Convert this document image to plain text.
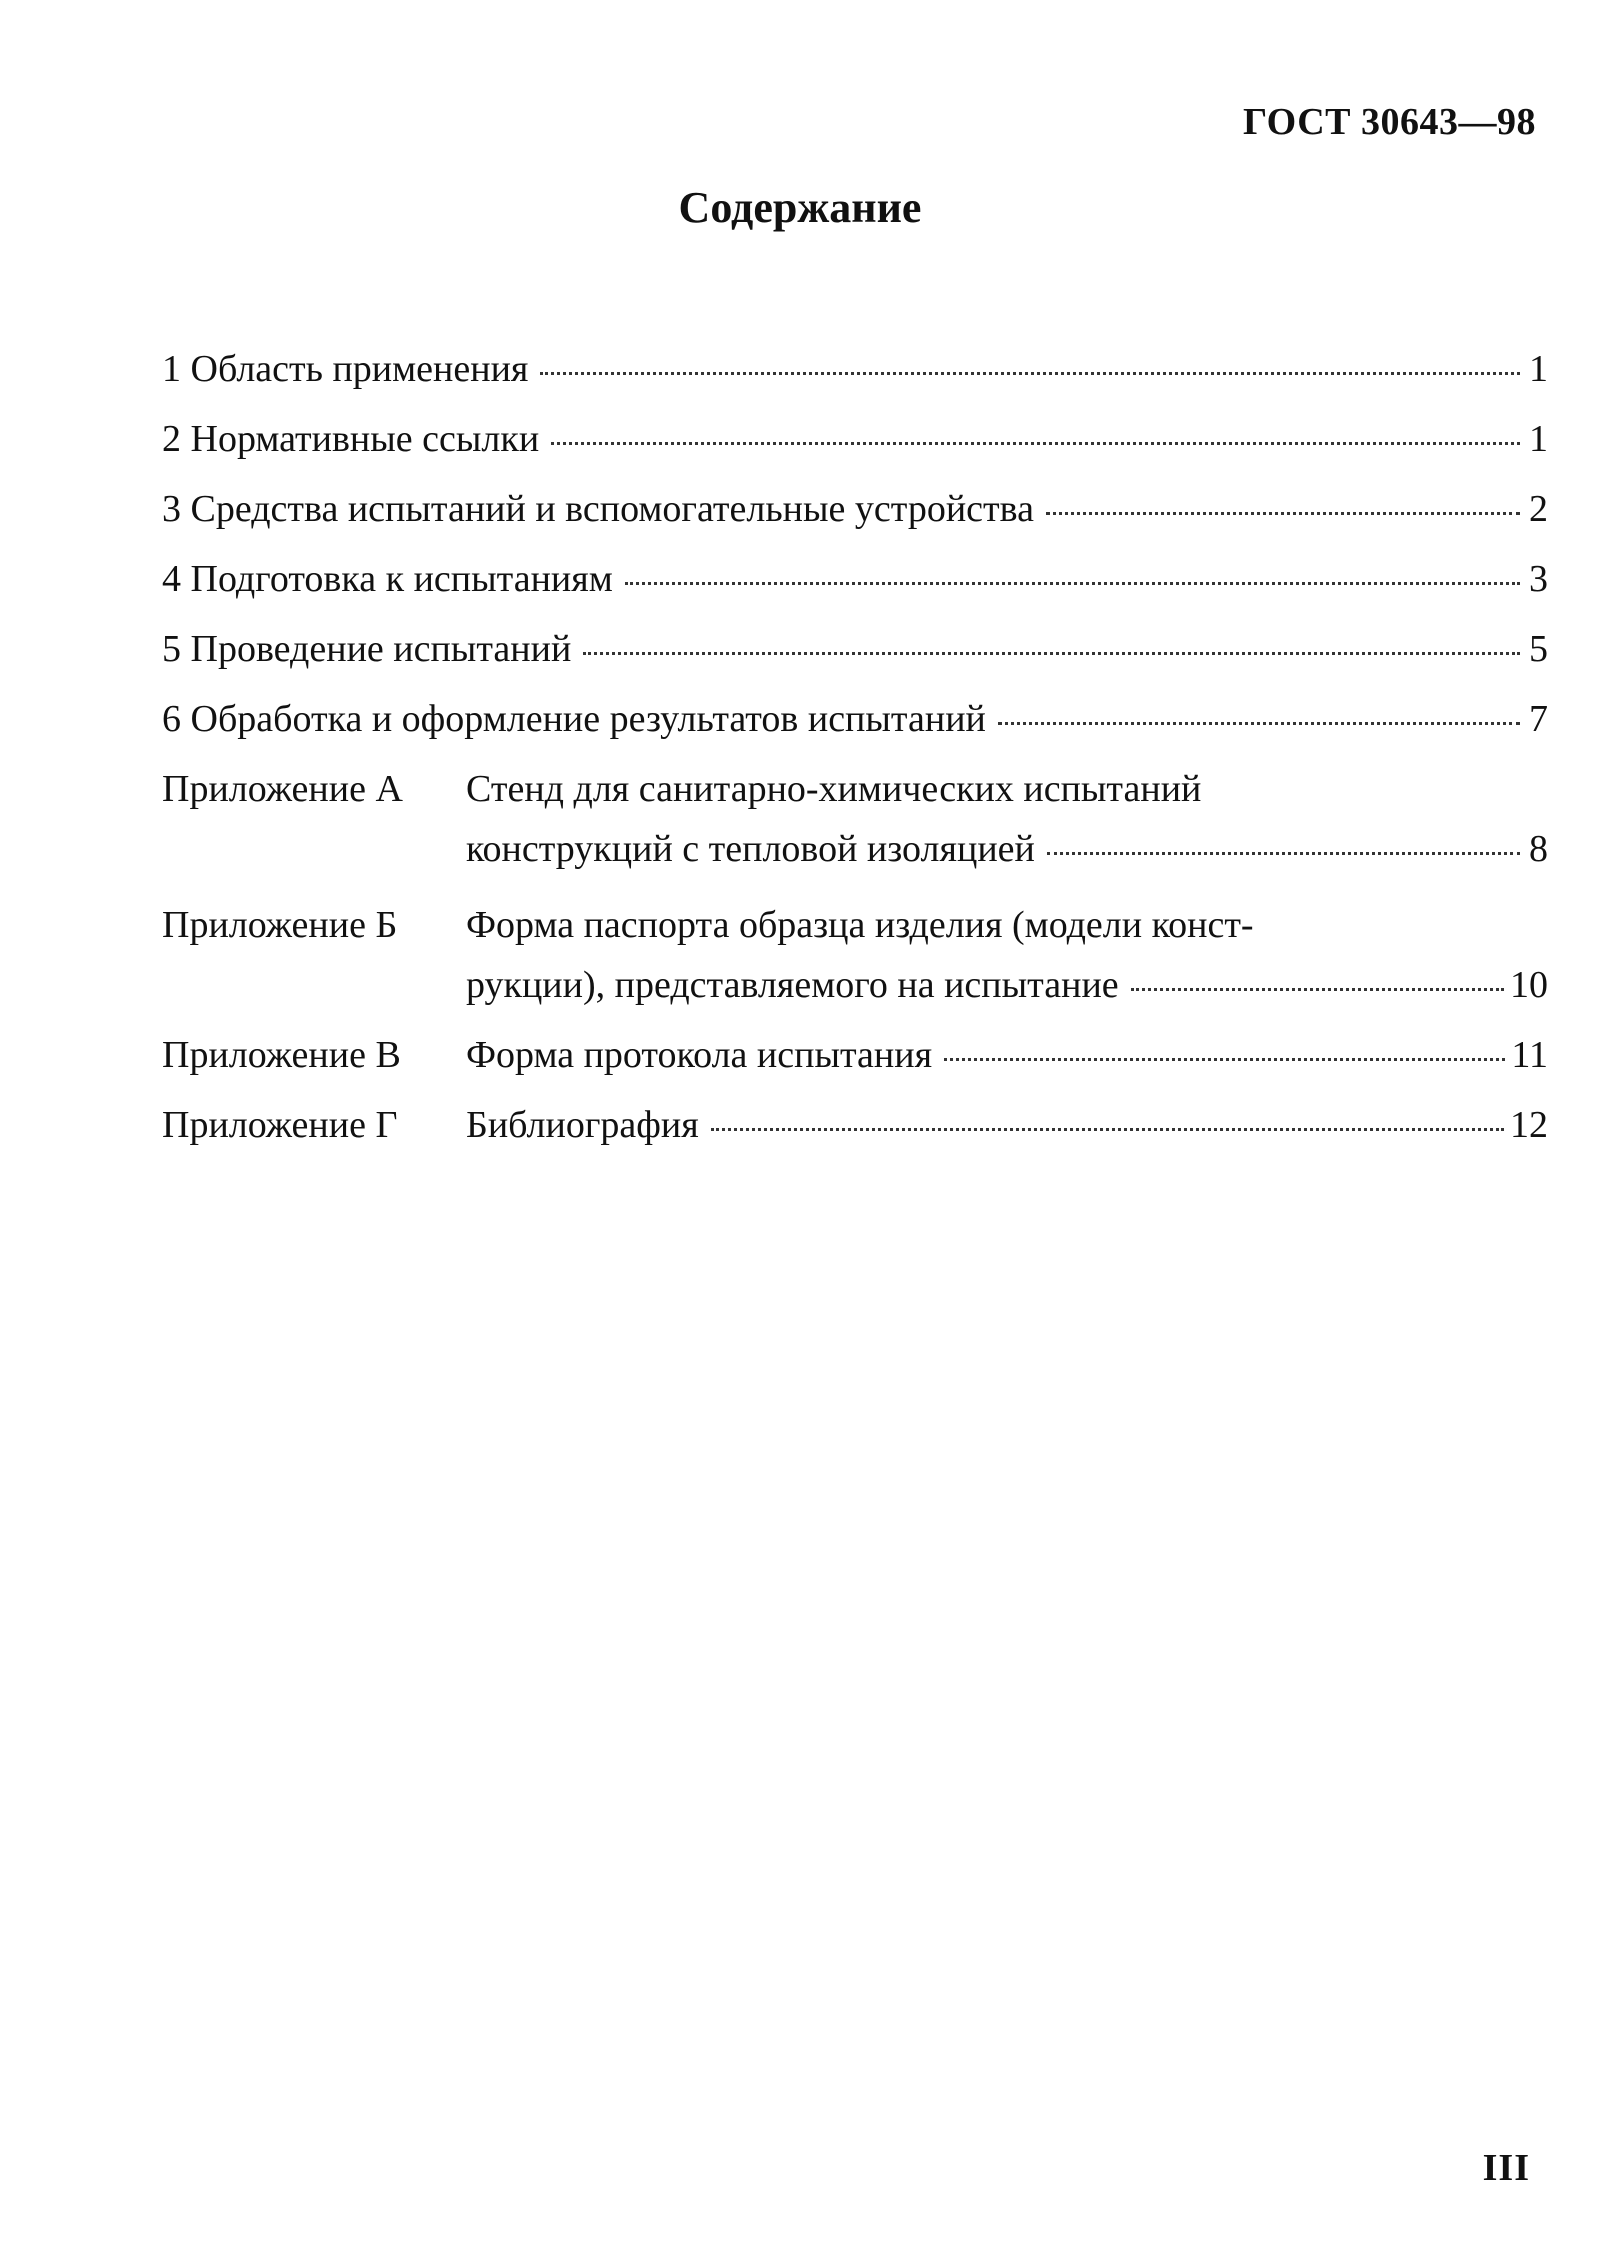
ГОСТ 30643—98
Содержание
1 Область применения	1
2 Нормативные ссылки	1
3 Средства испытаний и вспомогательные устройства	2
4 Подготовка к испытаниям	3
5 Проведение испытаний	5
6 Обработка и оформление результатов испытаний	7
Приложение А	Стенд для санитарно-химических испытаний
конструкций с тепловой изоляцией	8
Приложение Б	Форма паспорта образца изделия (модели конст-
рукции), представляемого на испытание	10
Приложение В	Форма протокола испытания	11
Приложение Г	Библиография	12
III
